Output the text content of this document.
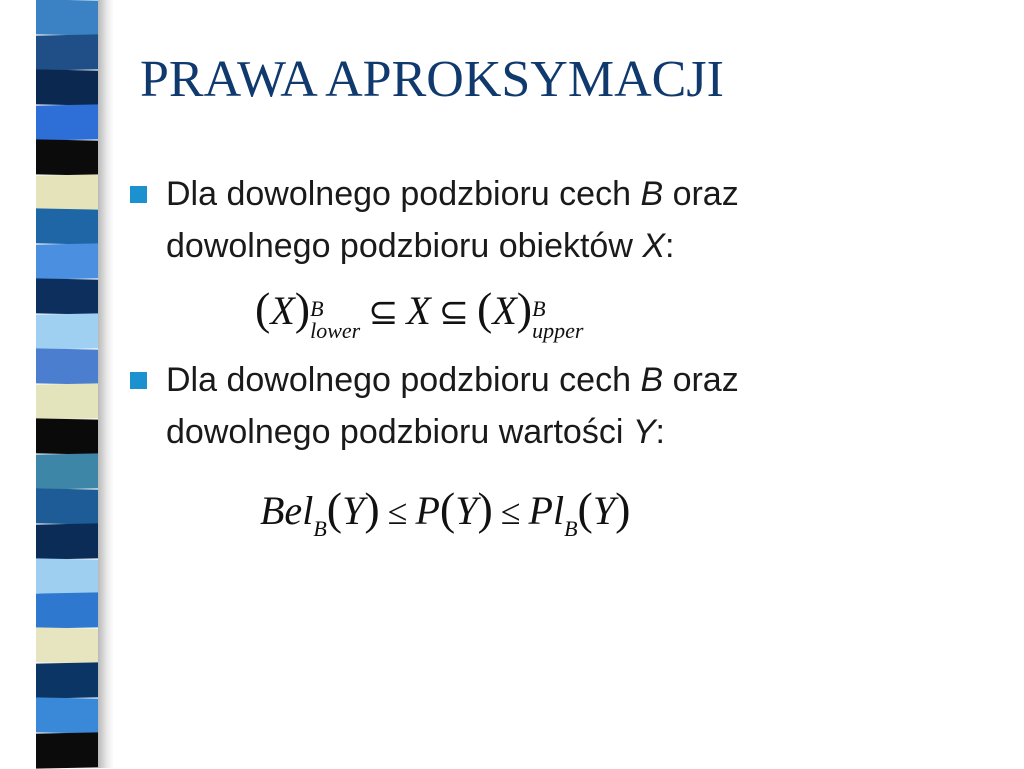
PRAWA APROKSYMACJI
Dla dowolnego podzbioru cech B oraz
dowolnego podzbioru obiektów X:
(X) B
lower ⊆ X ⊆ (X) B
upper
Dla dowolnego podzbioru cech B oraz
dowolnego podzbioru wartości Y:
BelB(Y) ≤ P(Y) ≤ PlB(Y)
